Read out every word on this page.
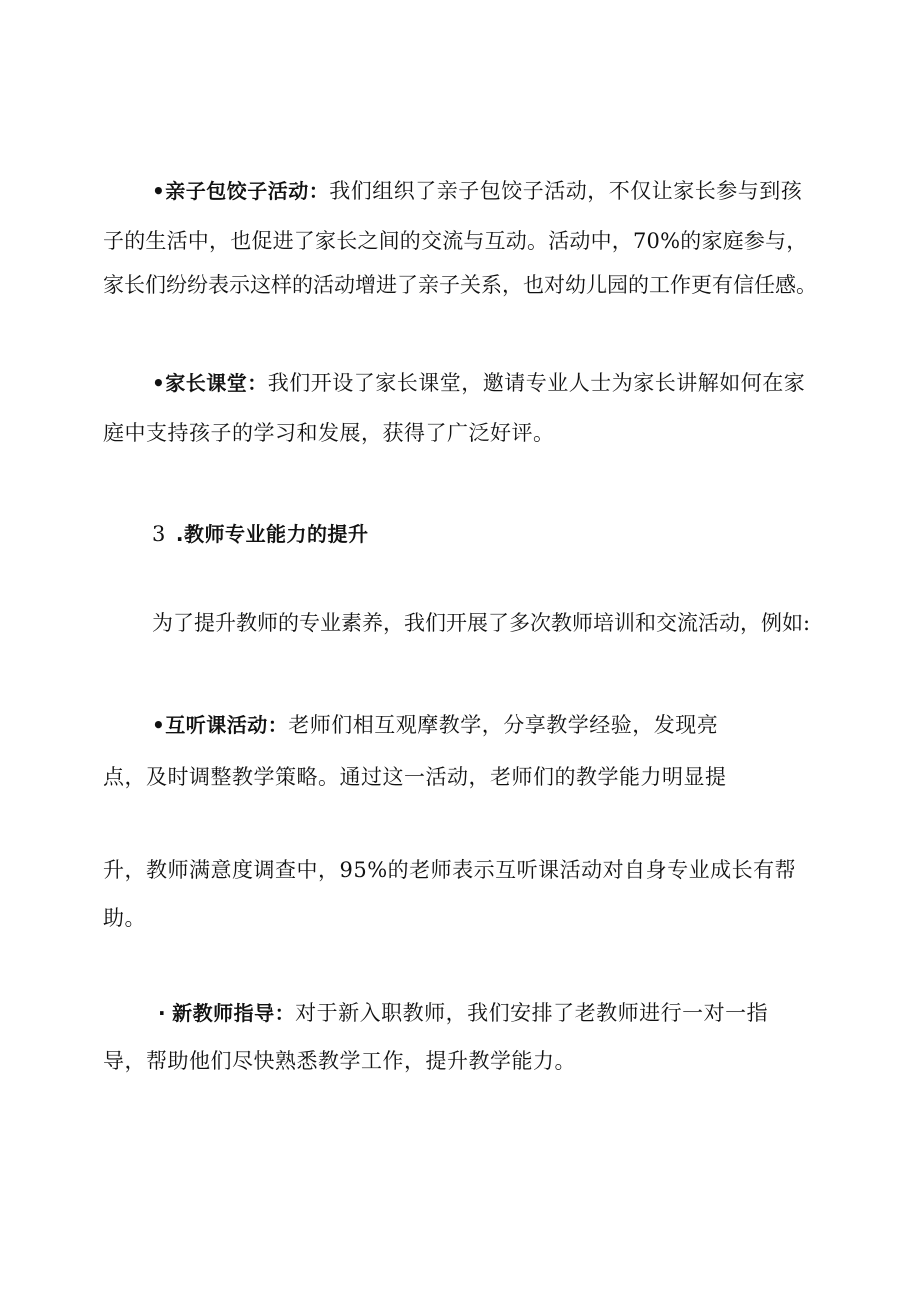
•亲子包饺子活动：我们组织了亲子包饺子活动，不仅让家长参与到孩
子的生活中，也促进了家长之间的交流与互动。活动中，70%的家庭参与，
家长们纷纷表示这样的活动增进了亲子关系，也对幼儿园的工作更有信任感。
•家长课堂：我们开设了家长课堂，邀请专业人士为家长讲解如何在家
庭中支持孩子的学习和发展，获得了广泛好评。
3 .教师专业能力的提升
为了提升教师的专业素养，我们开展了多次教师培训和交流活动，例如:
•互听课活动：老师们相互观摩教学，分享教学经验，发现亮
点，及时调整教学策略。通过这一活动，老师们的教学能力明显提
升，教师满意度调查中，95%的老师表示互听课活动对自身专业成长有帮
助。
· 新教师指导：对于新入职教师，我们安排了老教师进行一对一指
导，帮助他们尽快熟悉教学工作，提升教学能力。
